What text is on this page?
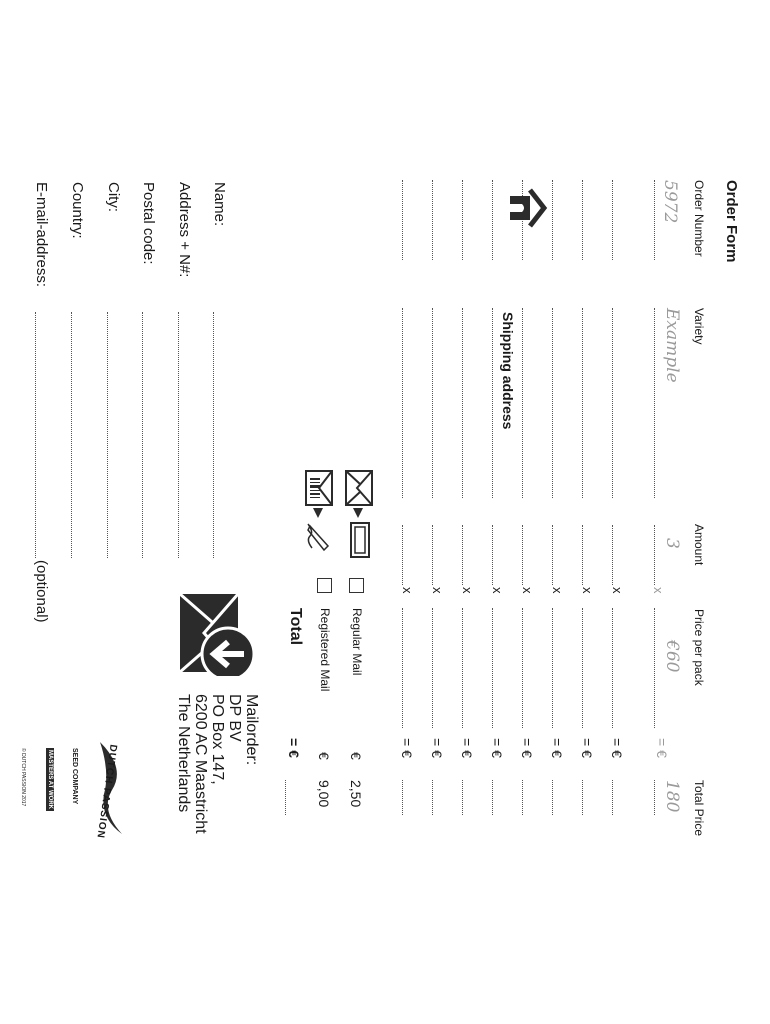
Order Form
Order Number
Variety
Amount
Price per pack
Total Price
5972
Example
3
x
€60
= €
180
x
= €
x
= €
x
= €
x
= €
x
= €
x
= €
x
= €
x
= €
Shipping address
Name:
Address + N#:
Postal code:
City:
Country:
E-mail-address:
(optional)
Regular Mail
Registered Mail
€
2,50
€
9,00
Total
= €
Mailorder:
DP BV
PO Box 147,
6200 AC Maastricht
The Netherlands
DUTCH PASSION
SEED COMPANY
MASTERS AT WORK
© DUTCH PASSION 2017
